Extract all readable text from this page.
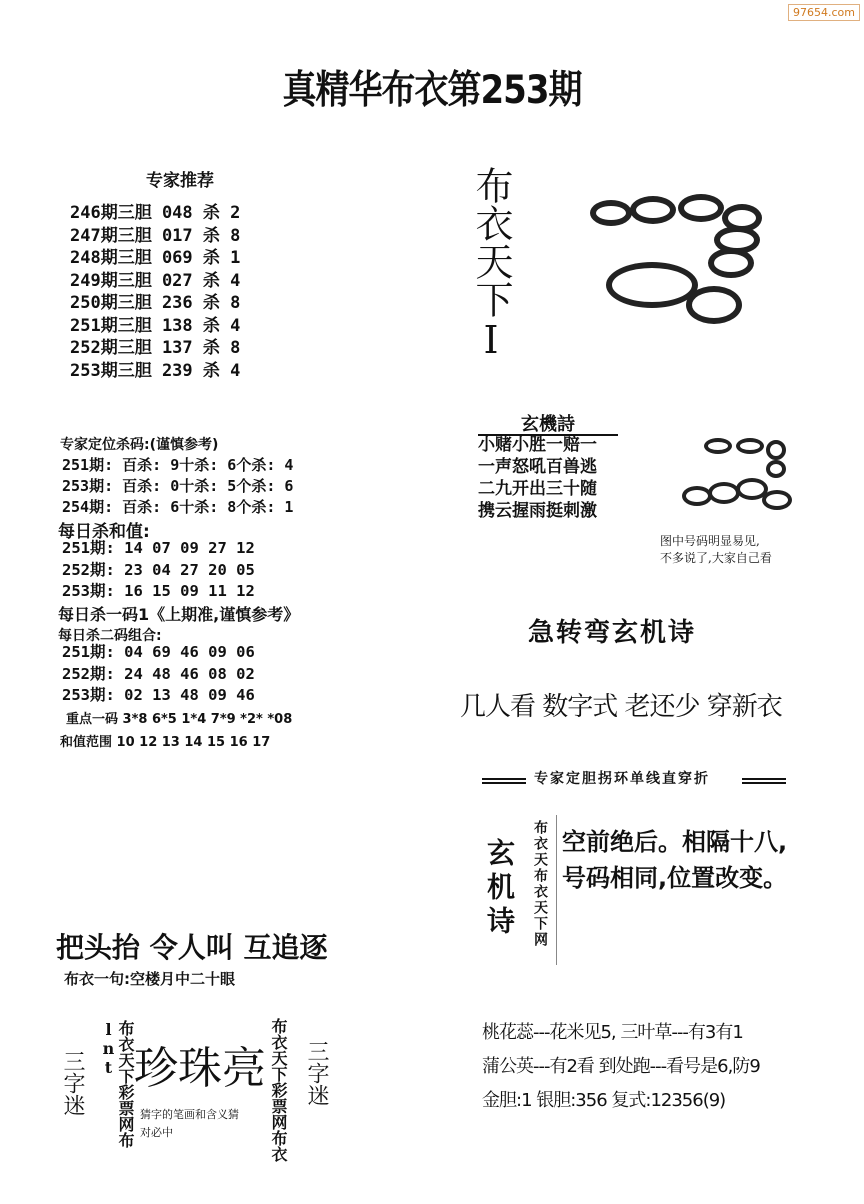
97654.com
真精华布衣第253期
专家推荐
246期三胆 048 杀 2
247期三胆 017 杀 8
248期三胆 069 杀 1
249期三胆 027 杀 4
250期三胆 236 杀 8
251期三胆 138 杀 4
252期三胆 137 杀 8
253期三胆 239 杀 4
专家定位杀码:(谨慎参考)
251期: 百杀: 9十杀: 6个杀: 4
253期: 百杀: 0十杀: 5个杀: 6
254期: 百杀: 6十杀: 8个杀: 1
每日杀和值:
251期: 14 07 09 27 12
252期: 23 04 27 20 05
253期: 16 15 09 11 12
每日杀一码1《上期准,谨慎参考》
每日杀二码组合:
251期: 04 69 46 09 06
252期: 24 48 46 08 02
253期: 02 13 48 09 46
重点一码 3*8 6*5 1*4 7*9 *2* *08
和值范围 10 12 13 14 15 16 17
布衣天下I
玄機詩
小赌小胜一赔一
一声怒吼百兽逃
二九开出三十随
携云握雨挺刺激
图中号码明显易见,
不多说了,大家自己看
急转弯玄机诗
几人看 数字式 老还少 穿新衣
专家定胆拐环单线直穿折
玄机诗 布衣天布衣天下网 空前绝后。相隔十八,
号码相同,位置改变。
把头抬 令人叫 互追逐
布衣一句:空楼月中二十眼
三字迷	布衣天下彩票网布lnt 珍珠亮
猜字的笔画和含义猜
对必中	布衣天下彩票网布衣 三字迷
桃花蕊---花米见5, 三叶草---有3有1
蒲公英---有2看 到处跑---看号是6,防9
金胆:1 银胆:356 复式:12356(9)
